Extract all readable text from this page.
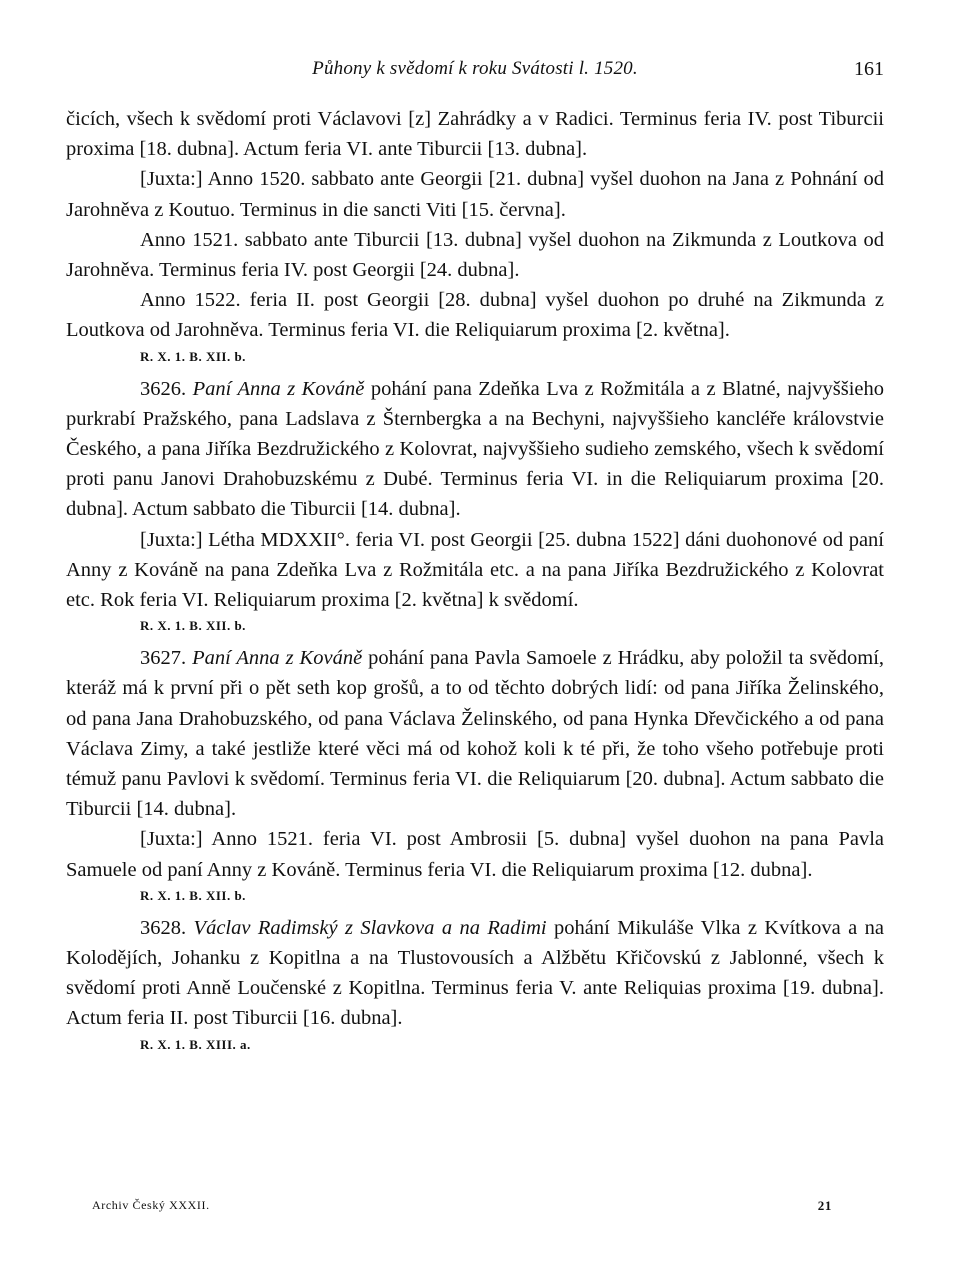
Půhony k svědomí k roku Svátosti l. 1520.	161

čicích, všech k svědomí proti Václavovi [z] Zahrádky a v Radici. Terminus feria IV. post Tiburcii proxima [18. dubna]. Actum feria VI. ante Tiburcii [13. dubna].

[Juxta:] Anno 1520. sabbato ante Georgii [21. dubna] vyšel duohon na Jana z Pohnání od Jarohněva z Koutuo. Terminus in die sancti Viti [15. června].

Anno 1521. sabbato ante Tiburcii [13. dubna] vyšel duohon na Zikmunda z Loutkova od Jarohněva. Terminus feria IV. post Georgii [24. dubna].

Anno 1522. feria II. post Georgii [28. dubna] vyšel duohon po druhé na Zikmunda z Loutkova od Jarohněva. Terminus feria VI. die Reliquiarum proxima [2. května].

R. X. 1. B. XII. b.

3626. Paní Anna z Kováně pohání pana Zdeňka Lva z Rožmitála a z Blatné, najvyššieho purkrabí Pražského, pana Ladslava z Šternbergka a na Bechyni, najvyššieho kancléře královstvie Českého, a pana Jiříka Bezdružického z Kolovrat, najvyššieho sudieho zemského, všech k svědomí proti panu Janovi Drahobuzskému z Dubé. Terminus feria VI. in die Reliquiarum proxima [20. dubna]. Actum sabbato die Tiburcii [14. dubna].

[Juxta:] Létha MDXXII°. feria VI. post Georgii [25. dubna 1522] dáni duohonové od paní Anny z Kováně na pana Zdeňka Lva z Rožmitála etc. a na pana Jiříka Bezdružického z Kolovrat etc. Rok feria VI. Reliquiarum proxima [2. května] k svědomí.

R. X. 1. B. XII. b.

3627. Paní Anna z Kováně pohání pana Pavla Samoele z Hrádku, aby položil ta svědomí, kteráž má k první při o pět seth kop grošů, a to od těchto dobrých lidí: od pana Jiříka Želinského, od pana Jana Drahobuzského, od pana Václava Želinského, od pana Hynka Dřevčického a od pana Václava Zimy, a také jestliže které věci má od kohož koli k té při, že toho všeho potřebuje proti témuž panu Pavlovi k svědomí. Terminus feria VI. die Reliquiarum [20. dubna]. Actum sabbato die Tiburcii [14. dubna].

[Juxta:] Anno 1521. feria VI. post Ambrosii [5. dubna] vyšel duohon na pana Pavla Samuele od paní Anny z Kováně. Terminus feria VI. die Reliquiarum proxima [12. dubna].

R. X. 1. B. XII. b.

3628. Václav Radimský z Slavkova a na Radimi pohání Mikuláše Vlka z Kvítkova a na Kolodějích, Johanku z Kopitlna a na Tlustovousích a Alžbětu Křičovskú z Jablonné, všech k svědomí proti Anně Loučenské z Kopitlna. Terminus feria V. ante Reliquias proxima [19. dubna]. Actum feria II. post Tiburcii [16. dubna].

R. X. 1. B. XIII. a.

Archiv Český XXXII.	21
